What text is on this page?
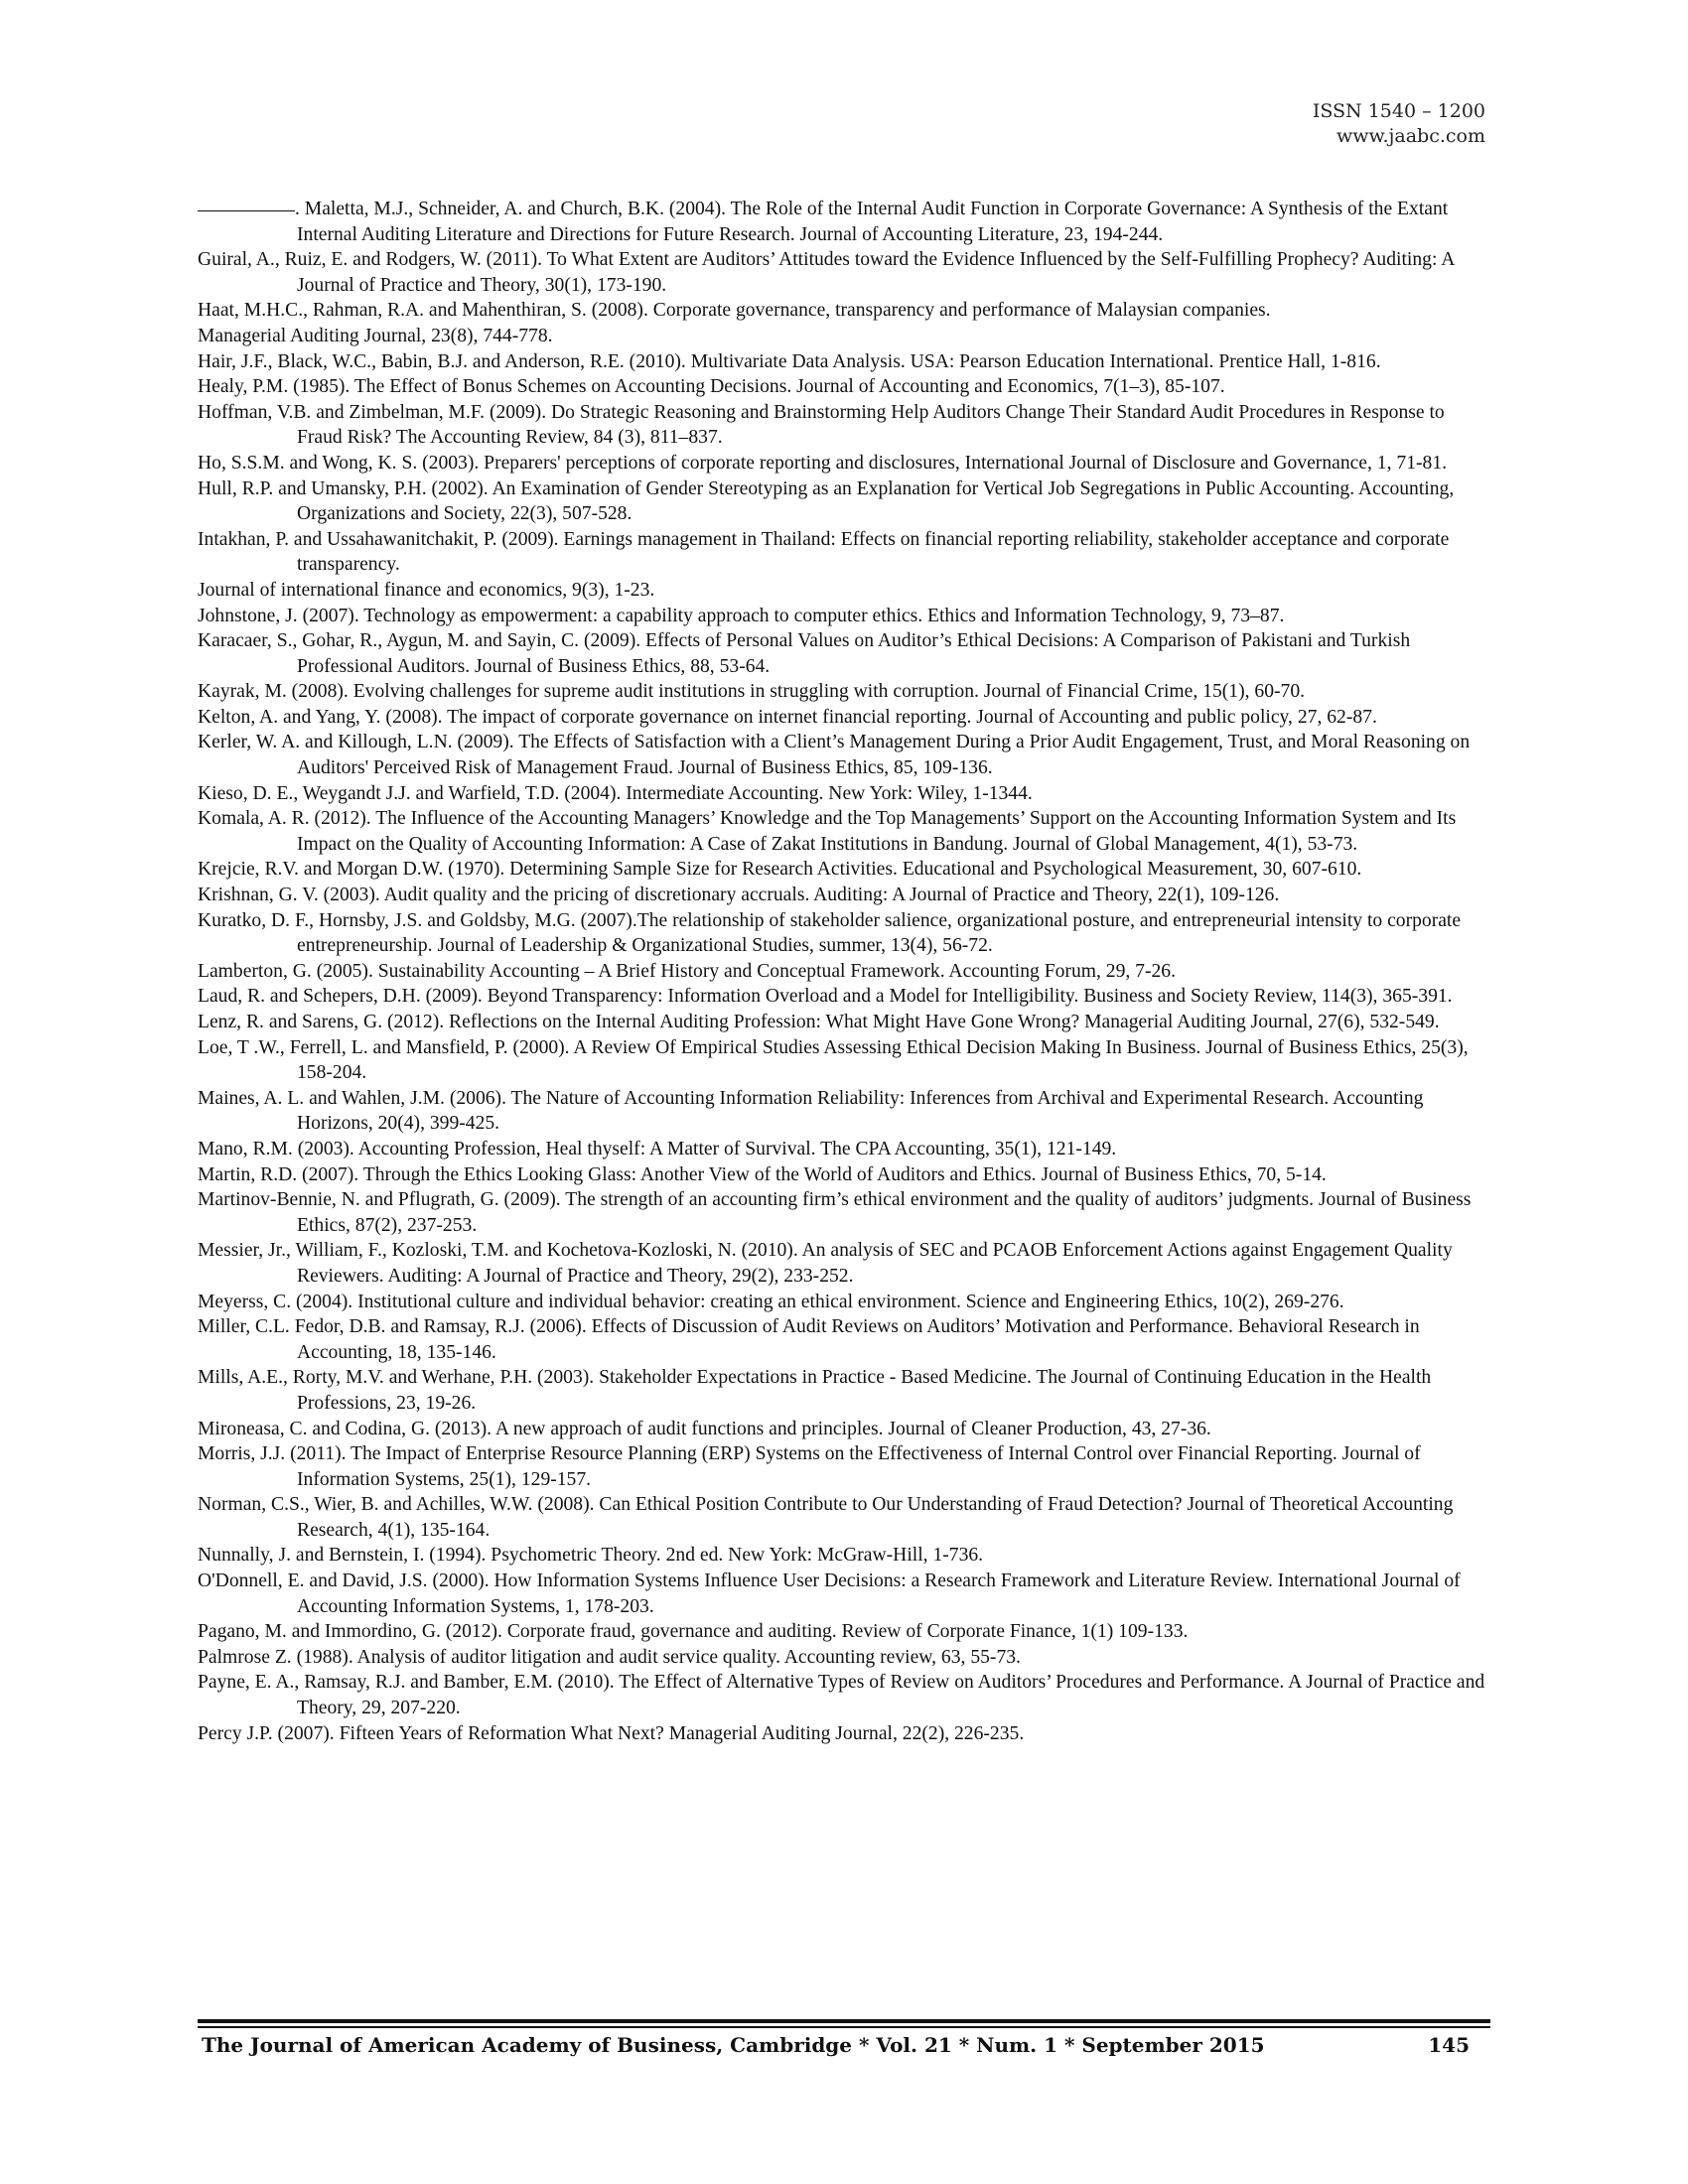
ISSN 1540 – 1200
www.jaabc.com

. Maletta, M.J., Schneider, A. and Church, B.K. (2004). The Role of the Internal Audit Function in Corporate Governance: A Synthesis of the Extant Internal Auditing Literature and Directions for Future Research. Journal of Accounting Literature, 23, 194-244.

Guiral, A., Ruiz, E. and Rodgers, W. (2011). To What Extent are Auditors’ Attitudes toward the Evidence Influenced by the Self-Fulfilling Prophecy? Auditing: A Journal of Practice and Theory, 30(1), 173-190.

Haat, M.H.C., Rahman, R.A. and Mahenthiran, S. (2008). Corporate governance, transparency and performance of Malaysian companies.

Managerial Auditing Journal, 23(8), 744-778.

Hair, J.F., Black, W.C., Babin, B.J. and Anderson, R.E. (2010). Multivariate Data Analysis. USA: Pearson Education International. Prentice Hall, 1-816.

Healy, P.M. (1985). The Effect of Bonus Schemes on Accounting Decisions. Journal of Accounting and Economics, 7(1–3), 85-107.

Hoffman, V.B. and Zimbelman, M.F. (2009). Do Strategic Reasoning and Brainstorming Help Auditors Change Their Standard Audit Procedures in Response to Fraud Risk? The Accounting Review, 84 (3), 811–837.

Ho, S.S.M. and Wong, K. S. (2003). Preparers' perceptions of corporate reporting and disclosures, International Journal of Disclosure and Governance, 1, 71-81.

Hull, R.P. and Umansky, P.H. (2002). An Examination of Gender Stereotyping as an Explanation for Vertical Job Segregations in Public Accounting. Accounting, Organizations and Society, 22(3), 507-528.

Intakhan, P. and Ussahawanitchakit, P. (2009). Earnings management in Thailand: Effects on financial reporting reliability, stakeholder acceptance and corporate transparency.

Journal of international finance and economics, 9(3), 1-23.

Johnstone, J. (2007). Technology as empowerment: a capability approach to computer ethics. Ethics and Information Technology, 9, 73–87.

Karacaer, S., Gohar, R., Aygun, M. and Sayin, C. (2009). Effects of Personal Values on Auditor’s Ethical Decisions: A Comparison of Pakistani and Turkish Professional Auditors. Journal of Business Ethics, 88, 53-64.

Kayrak, M. (2008). Evolving challenges for supreme audit institutions in struggling with corruption. Journal of Financial Crime, 15(1), 60-70.

Kelton, A. and Yang, Y. (2008). The impact of corporate governance on internet financial reporting. Journal of Accounting and public policy, 27, 62-87.

Kerler, W. A. and Killough, L.N. (2009). The Effects of Satisfaction with a Client’s Management During a Prior Audit Engagement, Trust, and Moral Reasoning on Auditors' Perceived Risk of Management Fraud. Journal of Business Ethics, 85, 109-136.

Kieso, D. E., Weygandt J.J. and Warfield, T.D. (2004). Intermediate Accounting. New York: Wiley, 1-1344.

Komala, A. R. (2012). The Influence of the Accounting Managers’ Knowledge and the Top Managements’ Support on the Accounting Information System and Its Impact on the Quality of Accounting Information: A Case of Zakat Institutions in Bandung. Journal of Global Management, 4(1), 53-73.

Krejcie, R.V. and Morgan D.W. (1970). Determining Sample Size for Research Activities. Educational and Psychological Measurement, 30, 607-610.

Krishnan, G. V. (2003). Audit quality and the pricing of discretionary accruals. Auditing: A Journal of Practice and Theory, 22(1), 109-126.

Kuratko, D. F., Hornsby, J.S. and Goldsby, M.G. (2007).The relationship of stakeholder salience, organizational posture, and entrepreneurial intensity to corporate entrepreneurship. Journal of Leadership & Organizational Studies, summer, 13(4), 56-72.

Lamberton, G. (2005). Sustainability Accounting – A Brief History and Conceptual Framework. Accounting Forum, 29, 7-26.

Laud, R. and Schepers, D.H. (2009). Beyond Transparency: Information Overload and a Model for Intelligibility. Business and Society Review, 114(3), 365-391.

Lenz, R. and Sarens, G. (2012). Reflections on the Internal Auditing Profession: What Might Have Gone Wrong? Managerial Auditing Journal, 27(6), 532-549.

Loe, T .W., Ferrell, L. and Mansfield, P. (2000). A Review Of Empirical Studies Assessing Ethical Decision Making In Business. Journal of Business Ethics, 25(3), 158-204.

Maines, A. L. and Wahlen, J.M. (2006). The Nature of Accounting Information Reliability: Inferences from Archival and Experimental Research. Accounting Horizons, 20(4), 399-425.

Mano, R.M. (2003). Accounting Profession, Heal thyself: A Matter of Survival. The CPA Accounting, 35(1), 121-149.

Martin, R.D. (2007). Through the Ethics Looking Glass: Another View of the World of Auditors and Ethics. Journal of Business Ethics, 70, 5-14.

Martinov-Bennie, N. and Pflugrath, G. (2009). The strength of an accounting firm’s ethical environment and the quality of auditors’ judgments. Journal of Business Ethics, 87(2), 237-253.

Messier, Jr., William, F., Kozloski, T.M. and Kochetova-Kozloski, N. (2010). An analysis of SEC and PCAOB Enforcement Actions against Engagement Quality Reviewers. Auditing: A Journal of Practice and Theory, 29(2), 233-252.

Meyerss, C. (2004). Institutional culture and individual behavior: creating an ethical environment. Science and Engineering Ethics, 10(2), 269-276.

Miller, C.L. Fedor, D.B. and Ramsay, R.J. (2006). Effects of Discussion of Audit Reviews on Auditors’ Motivation and Performance. Behavioral Research in Accounting, 18, 135-146.

Mills, A.E., Rorty, M.V. and Werhane, P.H. (2003). Stakeholder Expectations in Practice - Based Medicine. The Journal of Continuing Education in the Health Professions, 23, 19-26.

Mironeasa, C. and Codina, G. (2013). A new approach of audit functions and principles. Journal of Cleaner Production, 43, 27-36.

Morris, J.J. (2011). The Impact of Enterprise Resource Planning (ERP) Systems on the Effectiveness of Internal Control over Financial Reporting. Journal of Information Systems, 25(1), 129-157.

Norman, C.S., Wier, B. and Achilles, W.W. (2008). Can Ethical Position Contribute to Our Understanding of Fraud Detection? Journal of Theoretical Accounting Research, 4(1), 135-164.

Nunnally, J. and Bernstein, I. (1994). Psychometric Theory. 2nd ed. New York: McGraw-Hill, 1-736.

O'Donnell, E. and David, J.S. (2000). How Information Systems Influence User Decisions: a Research Framework and Literature Review. International Journal of Accounting Information Systems, 1, 178-203.

Pagano, M. and Immordino, G. (2012). Corporate fraud, governance and auditing. Review of Corporate Finance, 1(1) 109-133.

Palmrose Z. (1988). Analysis of auditor litigation and audit service quality. Accounting review, 63, 55-73.

Payne, E. A., Ramsay, R.J. and Bamber, E.M. (2010). The Effect of Alternative Types of Review on Auditors’ Procedures and Performance. A Journal of Practice and Theory, 29, 207-220.

Percy J.P. (2007). Fifteen Years of Reformation What Next? Managerial Auditing Journal, 22(2), 226-235.

The Journal of American Academy of Business, Cambridge * Vol. 21 * Num. 1 * September 2015	145
